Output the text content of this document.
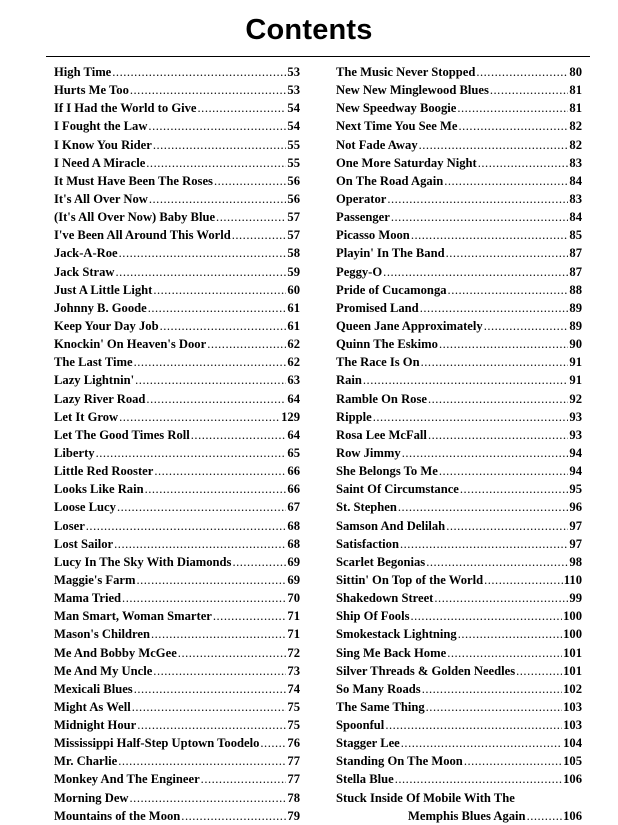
Contents
High Time .....	53
Hurts Me Too .....	53
If I Had the World to Give .....	54
I Fought the Law .....	54
I Know You Rider .....	55
I Need A Miracle .....	55
It Must Have Been The Roses .....	56
It's All Over Now .....	56
(It's All Over Now) Baby Blue .....	57
I've Been All Around This World .....	57
Jack-A-Roe .....	58
Jack Straw .....	59
Just A Little Light .....	60
Johnny B. Goode .....	61
Keep Your Day Job .....	61
Knockin' On Heaven's Door .....	62
The Last Time .....	62
Lazy Lightnin' .....	63
Lazy River Road .....	64
Let It Grow .....	129
Let The Good Times Roll .....	64
Liberty .....	65
Little Red Rooster .....	66
Looks Like Rain .....	66
Loose Lucy .....	67
Loser .....	68
Lost Sailor .....	68
Lucy In The Sky With Diamonds .....	69
Maggie's Farm .....	69
Mama Tried .....	70
Man Smart, Woman Smarter .....	71
Mason's Children .....	71
Me And Bobby McGee .....	72
Me And My Uncle .....	73
Mexicali Blues .....	74
Might As Well .....	75
Midnight Hour .....	75
Mississippi Half-Step Uptown Toodelo ..... 76
Mr. Charlie .....	77
Monkey And The Engineer .....	77
Morning Dew .....	78
Mountains of the Moon .....	79
The Music Never Stopped .....	80
New New Minglewood Blues .....	81
New Speedway Boogie .....	81
Next Time You See Me .....	82
Not Fade Away .....	82
One More Saturday Night .....	83
On The Road Again .....	84
Operator .....	83
Passenger .....	84
Picasso Moon .....	85
Playin' In The Band .....	87
Peggy-O .....	87
Pride of Cucamonga .....	88
Promised Land .....	89
Queen Jane Approximately .....	89
Quinn The Eskimo .....	90
The Race Is On .....	91
Rain .....	91
Ramble On Rose .....	92
Ripple .....	93
Rosa Lee McFall .....	93
Row Jimmy .....	94
She Belongs To Me .....	94
Saint Of Circumstance .....	95
St. Stephen .....	96
Samson And Delilah .....	97
Satisfaction .....	97
Scarlet Begonias .....	98
Sittin' On Top of the World .....	110
Shakedown Street .....	99
Ship Of Fools .....	100
Smokestack Lightning .....	100
Sing Me Back Home .....	101
Silver Threads & Golden Needles .....	101
So Many Roads .....	102
The Same Thing .....	103
Spoonful .....	103
Stagger Lee .....	104
Standing On The Moon .....	105
Stella Blue .....	106
Stuck Inside Of Mobile With The
Memphis Blues Again .....	106
